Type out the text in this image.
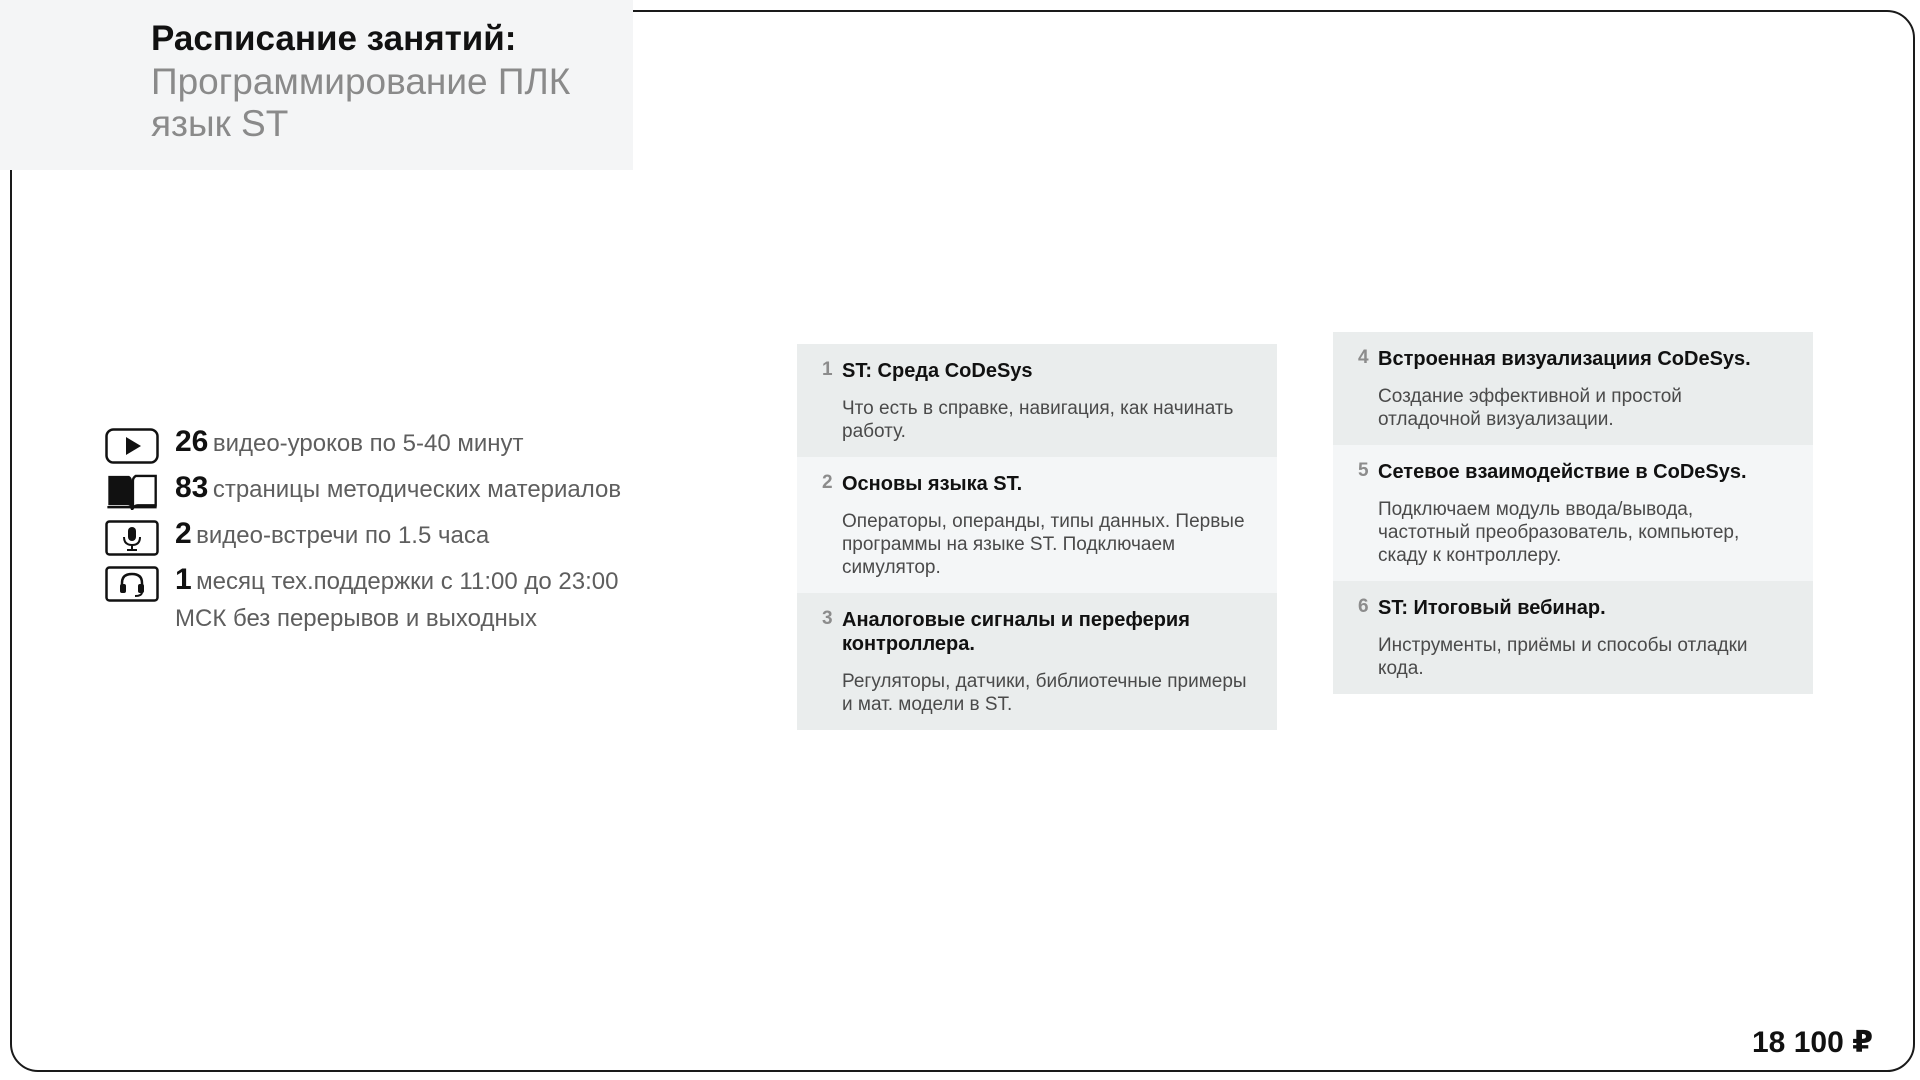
Расписание занятий:
Программирование ПЛК язык ST
26 видео-уроков по 5-40 минут
83 страницы методических материалов
2 видео-встречи по 1.5 часа
1 месяц тех.поддержки с 11:00 до 23:00
МСК без перерывов и выходных
1 ST: Среда CoDeSys
Что есть в справке, навигация, как начинать работу.
2 Основы языка ST.
Операторы, операнды, типы данных. Первые программы на языке ST. Подключаем симулятор.
3 Аналоговые сигналы и переферия контроллера.
Регуляторы, датчики, библиотечные примеры и мат. модели в ST.
4 Встроенная визуализациия CoDeSys.
Создание эффективной и простой отладочной визуализации.
5 Сетевое взаимодействие в CoDeSys.
Подключаем модуль ввода/вывода, частотный преобразователь, компьютер, скаду к контроллеру.
6 ST: Итоговый вебинар.
Инструменты, приёмы и способы отладки кода.
18 100 ₽
